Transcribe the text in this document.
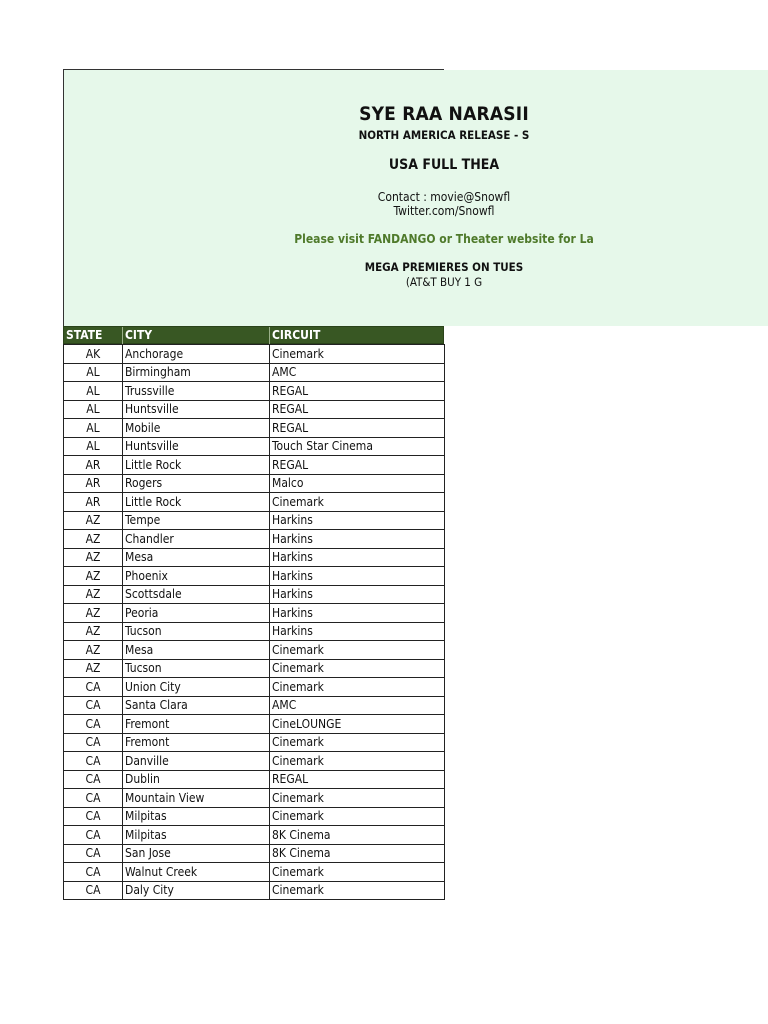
SYE RAA NARASII
NORTH AMERICA RELEASE - S
USA FULL THEA
Contact : movie@Snowfl
Twitter.com/Snowfl
Please visit FANDANGO or Theater website for La
MEGA PREMIERES ON TUES
(AT&T BUY 1 G
STATE	CITY	CIRCUIT
AK	Anchorage	Cinemark
AL	Birmingham	AMC
AL	Trussville	REGAL
AL	Huntsville	REGAL
AL	Mobile	REGAL
AL	Huntsville	Touch Star Cinema
AR	Little Rock	REGAL
AR	Rogers	Malco
AR	Little Rock	Cinemark
AZ	Tempe	Harkins
AZ	Chandler	Harkins
AZ	Mesa	Harkins
AZ	Phoenix	Harkins
AZ	Scottsdale	Harkins
AZ	Peoria	Harkins
AZ	Tucson	Harkins
AZ	Mesa	Cinemark
AZ	Tucson	Cinemark
CA	Union City	Cinemark
CA	Santa Clara	AMC
CA	Fremont	CineLOUNGE
CA	Fremont	Cinemark
CA	Danville	Cinemark
CA	Dublin	REGAL
CA	Mountain View	Cinemark
CA	Milpitas	Cinemark
CA	Milpitas	8K Cinema
CA	San Jose	8K Cinema
CA	Walnut Creek	Cinemark
CA	Daly City	Cinemark
